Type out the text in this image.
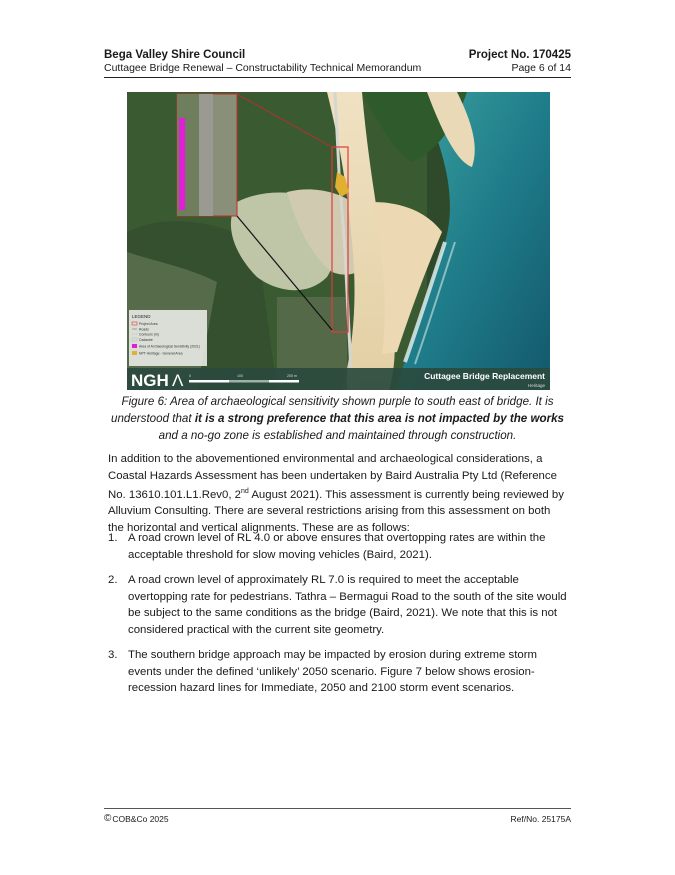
Bega Valley Shire Council	Project No. 170425
Cuttagee Bridge Renewal – Constructability Technical Memorandum	Page 6 of 14
LEGEND
Project Area
Roads
Contours (m)
Cadastre
Area of Archaeological Sensitivity (2021)
NPT Heritage - General Area
NGH Λ 0	100	200 m	Cuttagee Bridge Replacement
Heritage
Figure 6: Area of archaeological sensitivity shown purple to south east of bridge. It is understood that it is a strong preference that this area is not impacted by the works and a no-go zone is established and maintained through construction.
In addition to the abovementioned environmental and archaeological considerations, a Coastal Hazards Assessment has been undertaken by Baird Australia Pty Ltd (Reference No. 13610.101.L1.Rev0, 2nd August 2021). This assessment is currently being reviewed by Alluvium Consulting. There are several restrictions arising from this assessment on both the horizontal and vertical alignments. These are as follows:
1. A road crown level of RL 4.0 or above ensures that overtopping rates are within the acceptable threshold for slow moving vehicles (Baird, 2021).
2. A road crown level of approximately RL 7.0 is required to meet the acceptable overtopping rate for pedestrians. Tathra – Bermagui Road to the south of the site would be subject to the same conditions as the bridge (Baird, 2021). We note that this is not considered practical with the current site geometry.
3. The southern bridge approach may be impacted by erosion during extreme storm events under the defined ‘unlikely’ 2050 scenario. Figure 7 below shows erosion-recession hazard lines for Immediate, 2050 and 2100 storm event scenarios.
© COB&Co 2025	Ref/No. 25175A
